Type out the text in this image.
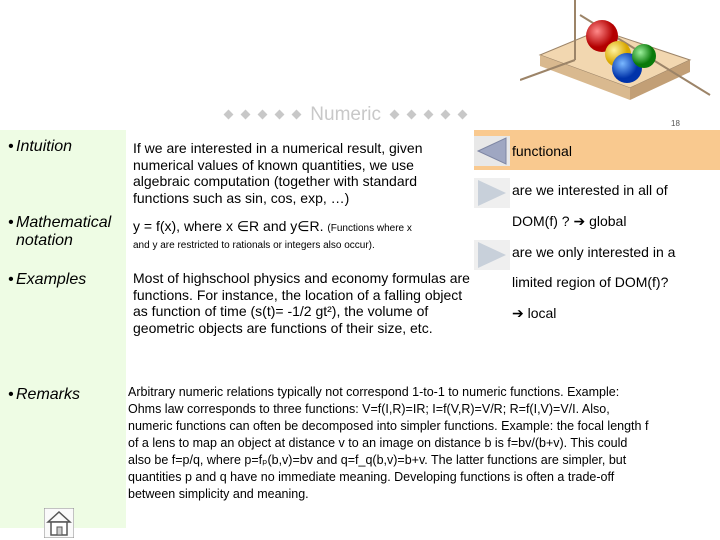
Numeric	18
• Intuition
• Mathematical notation
• Examples
• Remarks
If we are interested in a numerical result, given numerical values of known quantities, we use algebraic computation (together with standard functions such as sin, cos, exp, …)
y = f(x), where x ∈R and y∈R. (Functions where x
and y are restricted to rationals or integers also occur).
Most of highschool physics and economy formulas are functions. For instance, the location of a falling object as function of time (s(t)= -1/2 gt²), the volume of geometric objects are functions of their size, etc.
Arbitrary numeric relations typically not correspond 1-to-1 to numeric functions. Example:
Ohms law corresponds to three functions: V=f(I,R)=IR; I=f(V,R)=V/R; R=f(I,V)=V/I. Also,
numeric functions can often be decomposed into simpler functions. Example: the focal length f
of a lens to map an object at distance v to an image on distance b is f=bv/(b+v). This could
also be f=p/q, where p=fₚ(b,v)=bv and q=f_q(b,v)=b+v. The latter functions are simpler, but
quantities p and q have no immediate meaning. Developing functions is often a trade-off
between simplicity and meaning.
functional
are we interested in all of
DOM(f) ? ➔ global
are we only interested in a
limited region of DOM(f)?
➔ local
